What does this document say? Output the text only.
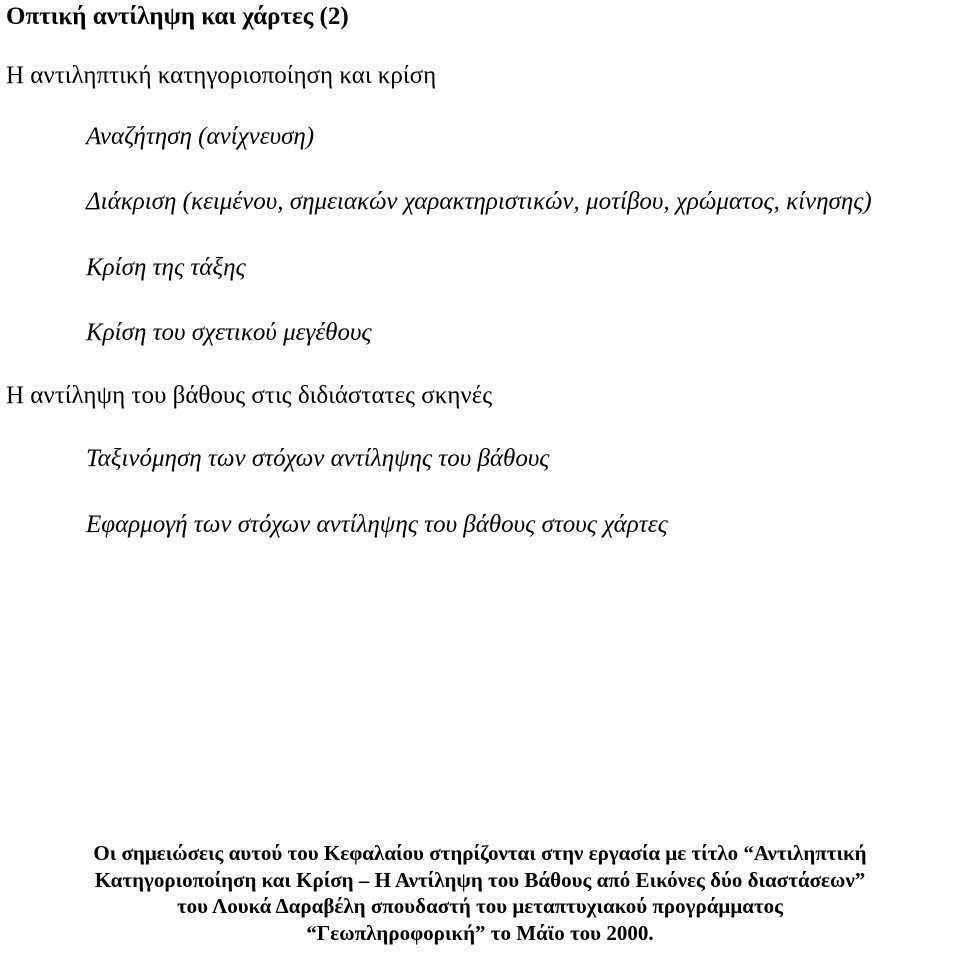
Οπτική αντίληψη και χάρτες (2)
Η αντιληπτική κατηγοριοποίηση και κρίση
Αναζήτηση (ανίχνευση)
Διάκριση (κειμένου, σημειακών χαρακτηριστικών, μοτίβου, χρώματος, κίνησης)
Κρίση της τάξης
Κρίση του σχετικού μεγέθους
Η αντίληψη του βάθους στις διδιάστατες σκηνές
Ταξινόμηση των στόχων αντίληψης του βάθους
Εφαρμογή των στόχων αντίληψης του βάθους στους χάρτες
Οι σημειώσεις αυτού του Κεφαλαίου στηρίζονται στην εργασία με τίτλο “Αντιληπτική
Κατηγοριοποίηση και Κρίση – Η Αντίληψη του Βάθους από Εικόνες δύο διαστάσεων”
του Λουκά Δαραβέλη σπουδαστή του μεταπτυχιακού προγράμματος
“Γεωπληροφορική” το Μάϊο του 2000.
